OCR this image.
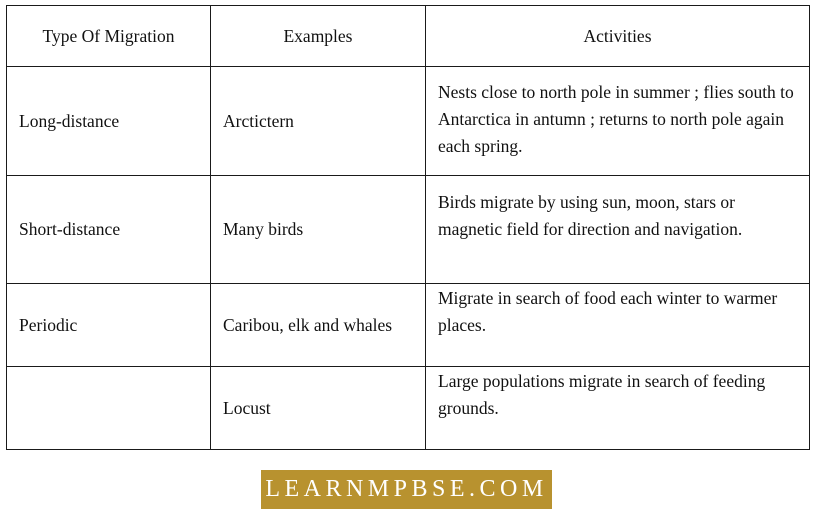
Type Of Migration	Examples	Activities
Long-distance	Arctictern	Nests close to north pole in summer ; flies south to Antarctica in antumn ; returns to north pole again each spring.

Short-distance	Many birds	Birds migrate by using sun, moon, stars or magnetic field for direction and navigation.

Periodic	Caribou, elk and whales	Migrate in search of food each winter to warmer places.

	Locust	Large populations migrate in search of feeding grounds.
LEARNMPBSE.COM
